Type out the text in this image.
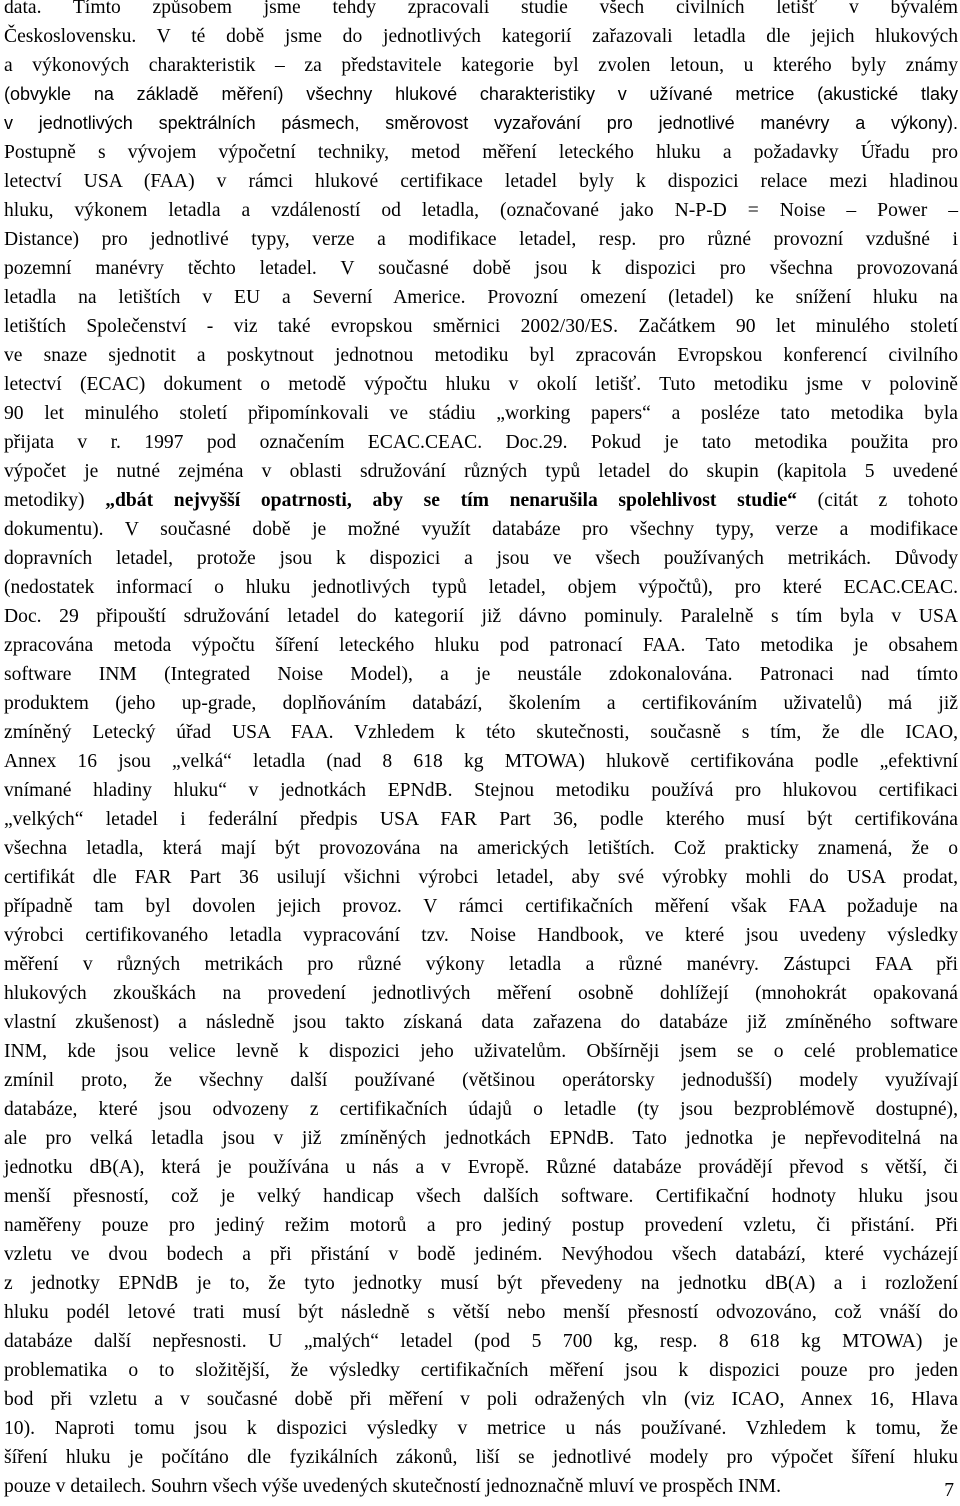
data. Tímto způsobem jsme tehdy zpracovali studie všech civilních letišť v bývalém
Československu. V té době jsme do jednotlivých kategorií zařazovali letadla dle jejich hlukových
a výkonových charakteristik – za představitele kategorie byl zvolen letoun, u kterého byly známy
(obvykle na základě měření) všechny hlukové charakteristiky v užívané metrice (akustické tlaky
v jednotlivých spektrálních pásmech, směrovost vyzařování pro jednotlivé manévry a výkony).
Postupně s vývojem výpočetní techniky, metod měření leteckého hluku a požadavky Úřadu pro
letectví USA (FAA) v rámci hlukové certifikace letadel byly k dispozici relace mezi hladinou
hluku, výkonem letadla a vzdáleností od letadla, (označované jako N-P-D = Noise – Power –
Distance) pro jednotlivé typy, verze a modifikace letadel, resp. pro různé provozní vzdušné i
pozemní manévry těchto letadel. V současné době jsou k dispozici pro všechna provozovaná
letadla na letištích v EU a Severní Americe. Provozní omezení (letadel) ke snížení hluku na
letištích Společenství - viz také evropskou směrnici 2002/30/ES. Začátkem 90 let minulého století
ve snaze sjednotit a poskytnout jednotnou metodiku byl zpracován Evropskou konferencí civilního
letectví (ECAC) dokument o metodě výpočtu hluku v okolí letišť. Tuto metodiku jsme v polovině
90 let minulého století připomínkovali ve stádiu „working papers“ a posléze tato metodika byla
přijata v r. 1997 pod označením ECAC.CEAC. Doc.29. Pokud je tato metodika použita pro
výpočet je nutné zejména v oblasti sdružování různých typů letadel do skupin (kapitola 5 uvedené
metodiky) „dbát nejvyšší opatrnosti, aby se tím nenarušila spolehlivost studie“ (citát z tohoto
dokumentu). V současné době je možné využít databáze pro všechny typy, verze a modifikace
dopravních letadel, protože jsou k dispozici a jsou ve všech používaných metrikách. Důvody
(nedostatek informací o hluku jednotlivých typů letadel, objem výpočtů), pro které ECAC.CEAC.
Doc. 29 připouští sdružování letadel do kategorií již dávno pominuly. Paralelně s tím byla v USA
zpracována metoda výpočtu šíření leteckého hluku pod patronací FAA. Tato metodika je obsahem
software INM (Integrated Noise Model), a je neustále zdokonalována. Patronaci nad tímto
produktem (jeho up-grade, doplňováním databází, školením a certifikováním uživatelů) má již
zmíněný Letecký úřad USA FAA. Vzhledem k této skutečnosti, současně s tím, že dle ICAO,
Annex 16 jsou „velká“ letadla (nad 8 618 kg MTOWA) hlukově certifikována podle „efektivní
vnímané hladiny hluku“ v jednotkách EPNdB. Stejnou metodiku používá pro hlukovou certifikaci
„velkých“ letadel i federální předpis USA FAR Part 36, podle kterého musí být certifikována
všechna letadla, která mají být provozována na amerických letištích. Což prakticky znamená, že o
certifikát dle FAR Part 36 usilují všichni výrobci letadel, aby své výrobky mohli do USA prodat,
případně tam byl dovolen jejich provoz. V rámci certifikačních měření však FAA požaduje na
výrobci certifikovaného letadla vypracování tzv. Noise Handbook, ve které jsou uvedeny výsledky
měření v různých metrikách pro různé výkony letadla a různé manévry. Zástupci FAA při
hlukových zkouškách na provedení jednotlivých měření osobně dohlížejí (mnohokrát opakovaná
vlastní zkušenost) a následně jsou takto získaná data zařazena do databáze již zmíněného software
INM, kde jsou velice levně k dispozici jeho uživatelům. Obšírněji jsem se o celé problematice
zmínil proto, že všechny další používané (většinou operátorsky jednodušší) modely využívají
databáze, které jsou odvozeny z certifikačních údajů o letadle (ty jsou bezproblémově dostupné),
ale pro velká letadla jsou v již zmíněných jednotkách EPNdB. Tato jednotka je nepřevoditelná na
jednotku dB(A), která je používána u nás a v Evropě. Různé databáze provádějí převod s větší, či
menší přesností, což je velký handicap všech dalších software. Certifikační hodnoty hluku jsou
naměřeny pouze pro jediný režim motorů a pro jediný postup provedení vzletu, či přistání. Při
vzletu ve dvou bodech a při přistání v bodě jediném. Nevýhodou všech databází, které vycházejí
z jednotky EPNdB je to, že tyto jednotky musí být převedeny na jednotku dB(A) a i rozložení
hluku podél letové trati musí být následně s větší nebo menší přesností odvozováno, což vnáší do
databáze další nepřesnosti. U „malých“ letadel (pod 5 700 kg, resp. 8 618 kg MTOWA) je
problematika o to složitější, že výsledky certifikačních měření jsou k dispozici pouze pro jeden
bod při vzletu a v současné době při měření v poli odražených vln (viz ICAO, Annex 16, Hlava
10). Naproti tomu jsou k dispozici výsledky v metrice u nás používané. Vzhledem k tomu, že
šíření hluku je počítáno dle fyzikálních zákonů, liší se jednotlivé modely pro výpočet šíření hluku
pouze v detailech. Souhrn všech výše uvedených skutečností jednoznačně mluví ve prospěch INM.	7
